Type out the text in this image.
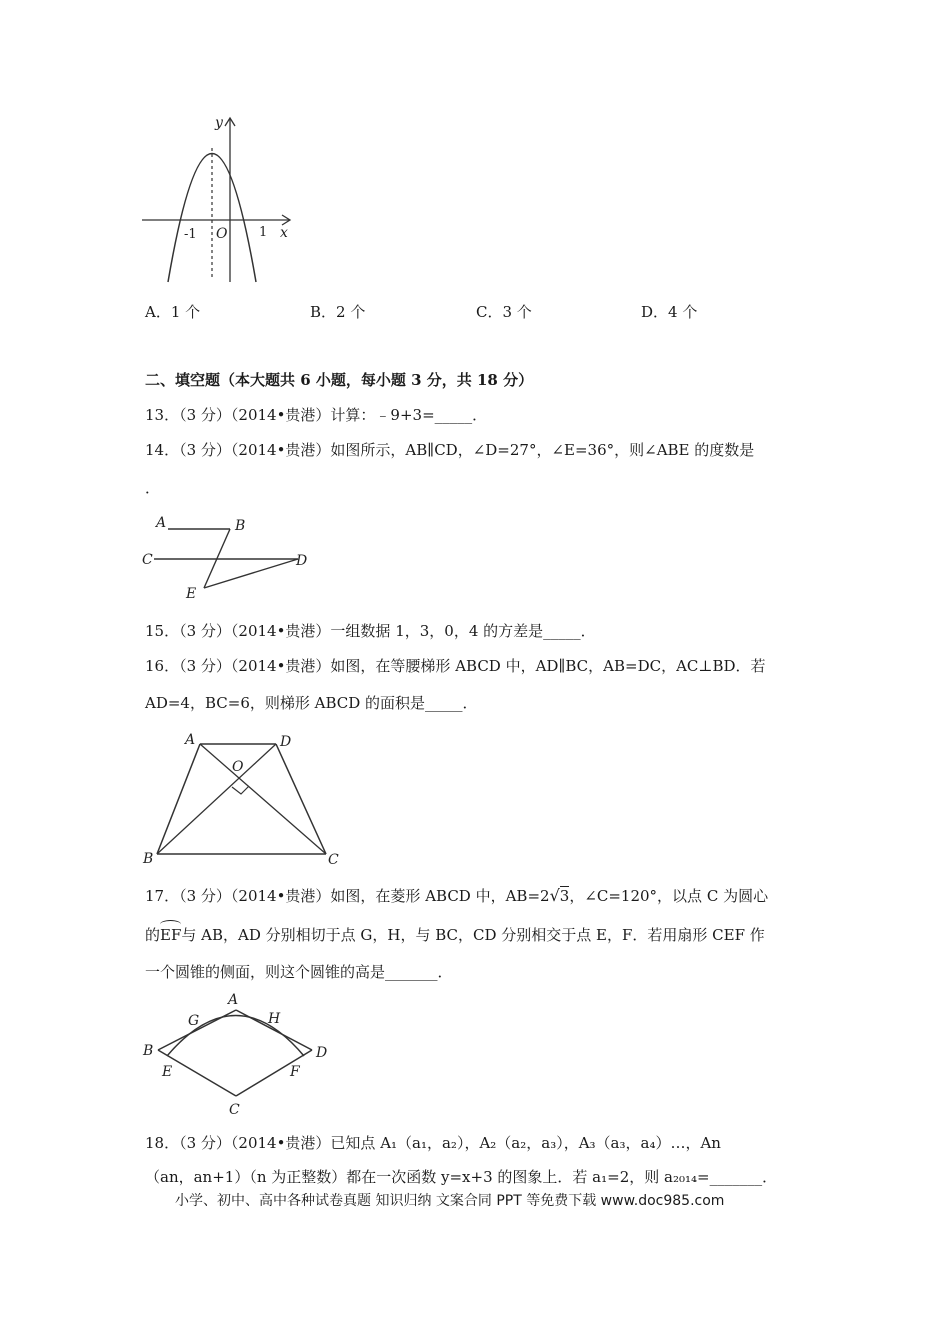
y
x
O
-1	1
A．1 个	B．2 个	C．3 个	D．4 个
二、填空题（本大题共 6 小题，每小题 3 分，共 18 分）
13．（3 分）（2014•贵港）计算：﹣9+3=_____．
14．（3 分）（2014•贵港）如图所示，AB∥CD，∠D=27°，∠E=36°，则∠ABE 的度数是
．
A	B
C	D
E
15．（3 分）（2014•贵港）一组数据 1，3，0，4 的方差是_____．
16．（3 分）（2014•贵港）如图，在等腰梯形 ABCD 中，AD∥BC，AB=DC，AC⊥BD．若
AD=4，BC=6，则梯形 ABCD 的面积是_____．
A	D
O
B	C
17．（3 分）（2014•贵港）如图，在菱形 ABCD 中，AB=2√3，∠C=120°，以点 C 为圆心
的
EF与 AB，AD 分别相切于点 G，H，与 BC，CD 分别相交于点 E，F．若用扇形 CEF 作
一个圆锥的侧面，则这个圆锥的高是_______．
A
G	H
B	D
E	F
C
18．（3 分）（2014•贵港）已知点 A₁（a₁，a₂），A₂（a₂，a₃），A₃（a₃，a₄）…，An
（an，an+1）（n 为正整数）都在一次函数 y=x+3 的图象上．若 a₁=2，则 a₂₀₁₄=_______．
小学、初中、高中各种试卷真题 知识归纳 文案合同 PPT 等免费下载 www.doc985.com
